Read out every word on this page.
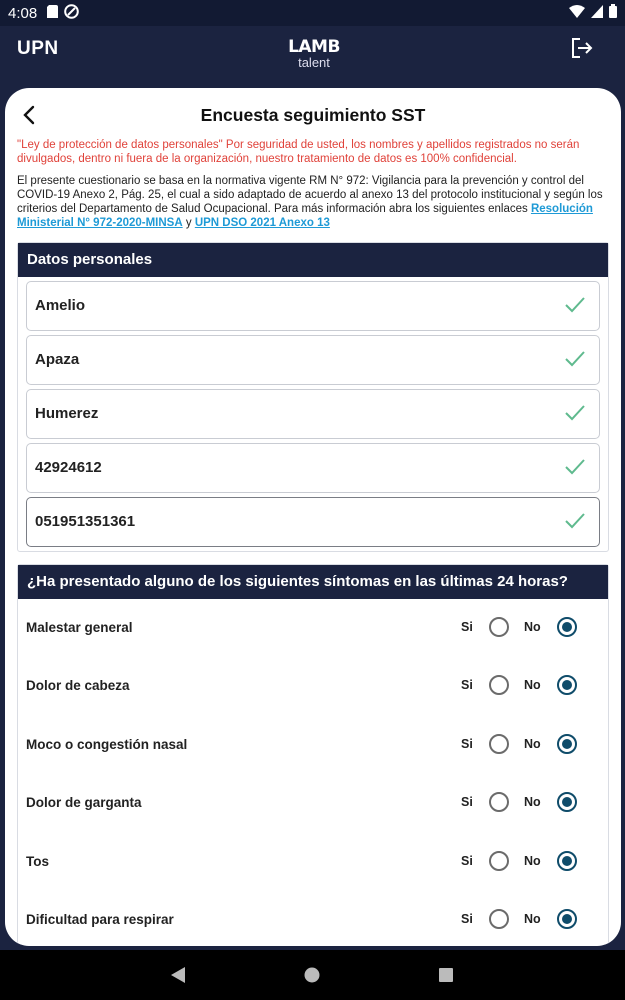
4:08
UPN	LAMB
talent
Encuesta seguimiento SST

"Ley de protección de datos personales" Por seguridad de usted, los nombres y apellidos registrados no serán divulgados, dentro ni fuera de la organización, nuestro tratamiento de datos es 100% confidencial.

El presente cuestionario se basa en la normativa vigente RM N° 972: Vigilancia para la prevención y control del COVID-19 Anexo 2, Pág. 25, el cual a sido adaptado de acuerdo al anexo 13 del protocolo institucional y según los criterios del Departamento de Salud Ocupacional. Para más información abra los siguientes enlaces Resolución Ministerial N° 972-2020-MINSA y UPN DSO 2021 Anexo 13

Datos personales
Amelio
Apaza
Humerez
42924612
051951351361
¿Ha presentado alguno de los siguientes síntomas en las últimas 24 horas?
Malestar general	Si	No
Dolor de cabeza	Si	No
Moco o congestión nasal	Si	No
Dolor de garganta	Si	No
Tos	Si	No
Dificultad para respirar	Si	No
